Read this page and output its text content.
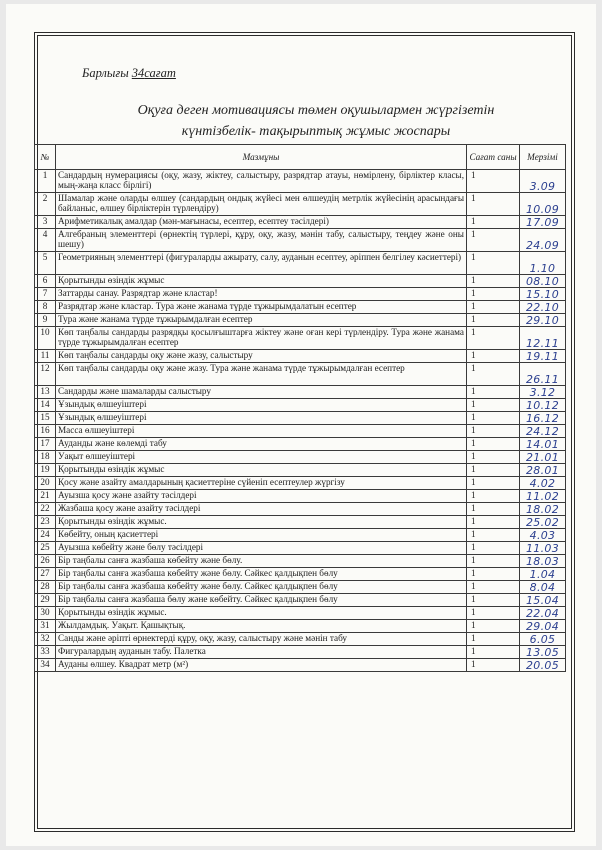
Барлығы 34сағат
Оқуға деген мотивациясы төмен оқушылармен жүргізетін
күнтізбелік- тақырыптық жұмыс жоспары
№	Мазмұны	Сағат саны	Мерзімі
1	Сандардың нумерациясы (оқу, жазу, жіктеу, салыстыру, разрядтар атауы, нөмірлену, бірліктер класы, мың-жаңа класс бірлігі)	1	3.09
2	Шамалар және оларды өлшеу (сандардың ондық жүйесі мен өлшеудің метрлік жүйесінің арасындағы байланыс, өлшеу бірліктерін түрлендіру)	1	10.09
3	Арифметикалық амалдар (мән-мағынасы, есептер, есептеу тәсілдері)	1	17.09
4	Алгебраның элементтері (өрнектің түрлері, құру, оқу, жазу, мәнін табу, салыстыру, теңдеу және оны шешу)	1	24.09
5	Геометрияның элементтері (фигураларды ажырату, салу, ауданын есептеу, әріппен белгілеу кәсиеттері)	1	1.10
6	Қорытынды өзіндік жұмыс	1	08.10
7	Заттарды санау. Разрядтар және кластар!	1	15.10
8	Разрядтар және кластар. Тура және жанама түрде тұжырымдалатын есептер	1	22.10
9	Тура және жанама түрде тұжырымдалған есептер	1	29.10
10	Көп таңбалы сандарды разрядқы қосылғыштарға жіктеу және оған кері түрлендіру. Тура және жанама түрде тұжырымдалған есептер	1	12.11
11	Көп таңбалы сандарды оқу және жазу, салыстыру	1	19.11
12	Көп таңбалы сандарды оқу және жазу. Тура және жанама түрде тұжырымдалған есептер	1	26.11
13	Сандарды және шамаларды салыстыру	1	3.12
14	Ұзындық өлшеуіштері	1	10.12
15	Ұзындық өлшеуіштері	1	16.12
16	Масса өлшеуіштері	1	24.12
17	Ауданды және көлемді табу	1	14.01
18	Уақыт өлшеуіштері	1	21.01
19	Қорытынды өзіндік жұмыс	1	28.01
20	Қосу және азайту амалдарының қасиеттеріне сүйеніп есептеулер жүргізу	1	4.02
21	Ауызша қосу және азайту тәсілдері	1	11.02
22	Жазбаша қосу және азайту тәсілдері	1	18.02
23	Қорытынды өзіндік жұмыс.	1	25.02
24	Көбейту, оның қасиеттері	1	4.03
25	Ауызша көбейту және бөлу тәсілдері	1	11.03
26	Бір таңбалы санға жазбаша көбейту және бөлу.	1	18.03
27	Бір таңбалы санға жазбаша көбейту және бөлу. Сәйкес қалдықпен бөлу	1	1.04
28	Бір таңбалы санға жазбаша көбейту және бөлу. Сәйкес қалдықпен бөлу	1	8.04
29	Бір таңбалы санға жазбаша бөлу және көбейту. Сәйкес қалдықпен бөлу	1	15.04
30	Қорытынды өзіндік жұмыс.	1	22.04
31	Жылдамдық. Уақыт. Қашықтық.	1	29.04
32	Санды және әріпті өрнектерді құру, оқу, жазу, салыстыру және мәнін табу	1	6.05
33	Фигуралардың ауданын табу. Палетка	1	13.05
34	Ауданы өлшеу. Квадрат метр (м²)	1	20.05
